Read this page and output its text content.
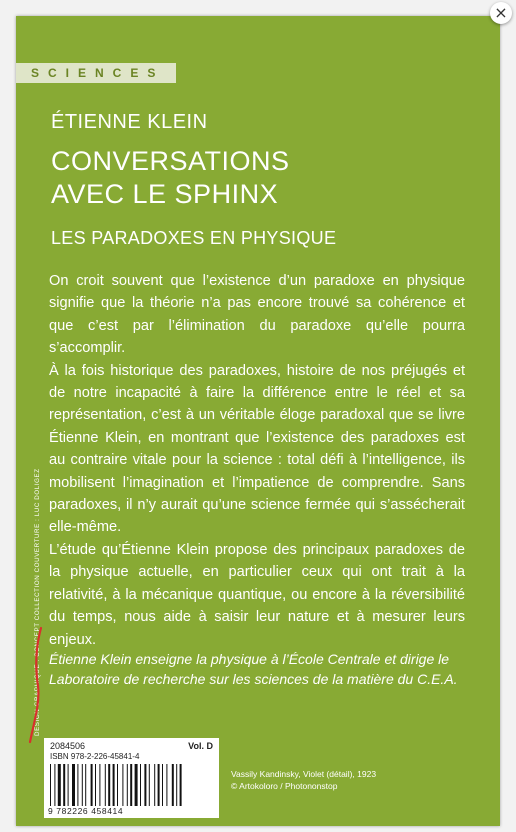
SCIENCES
ÉTIENNE KLEIN
CONVERSATIONS
AVEC LE SPHINX
LES PARADOXES EN PHYSIQUE

On croit souvent que l’existence d’un paradoxe en physique signifie que la théorie n’a pas encore trouvé sa cohérence et que c’est par l’élimination du paradoxe qu’elle pourra s’accomplir.

À la fois historique des paradoxes, histoire de nos préjugés et de notre incapacité à faire la différence entre le réel et sa représentation, c’est à un véritable éloge paradoxal que se livre Étienne Klein, en montrant que l’existence des paradoxes est au contraire vitale pour la science : total défi à l’intelligence, ils mobilisent l’imagination et l’impatience de comprendre. Sans paradoxes, il n’y aurait qu’une science fermée qui s’assécherait elle-même.

L’étude qu’Étienne Klein propose des principaux paradoxes de la physique actuelle, en particulier ceux qui ont trait à la relativité, à la mécanique quantique, ou encore à la réversibilité du temps, nous aide à saisir leur nature et à mesurer leurs enjeux.

Étienne Klein enseigne la physique à l’École Centrale et dirige le Laboratoire de recherche sur les sciences de la matière du C.E.A.
2084506	Vol. D
ISBN 978-2-226-45841-4
9 782226 458414
Vassily Kandinsky, Violet (détail), 1923
© Artokoloro / Photononstop
DESIGN GRAPHIQUE : CONCEPT COLLECTION COUVERTURE : LUC DOLIGEZ
×
